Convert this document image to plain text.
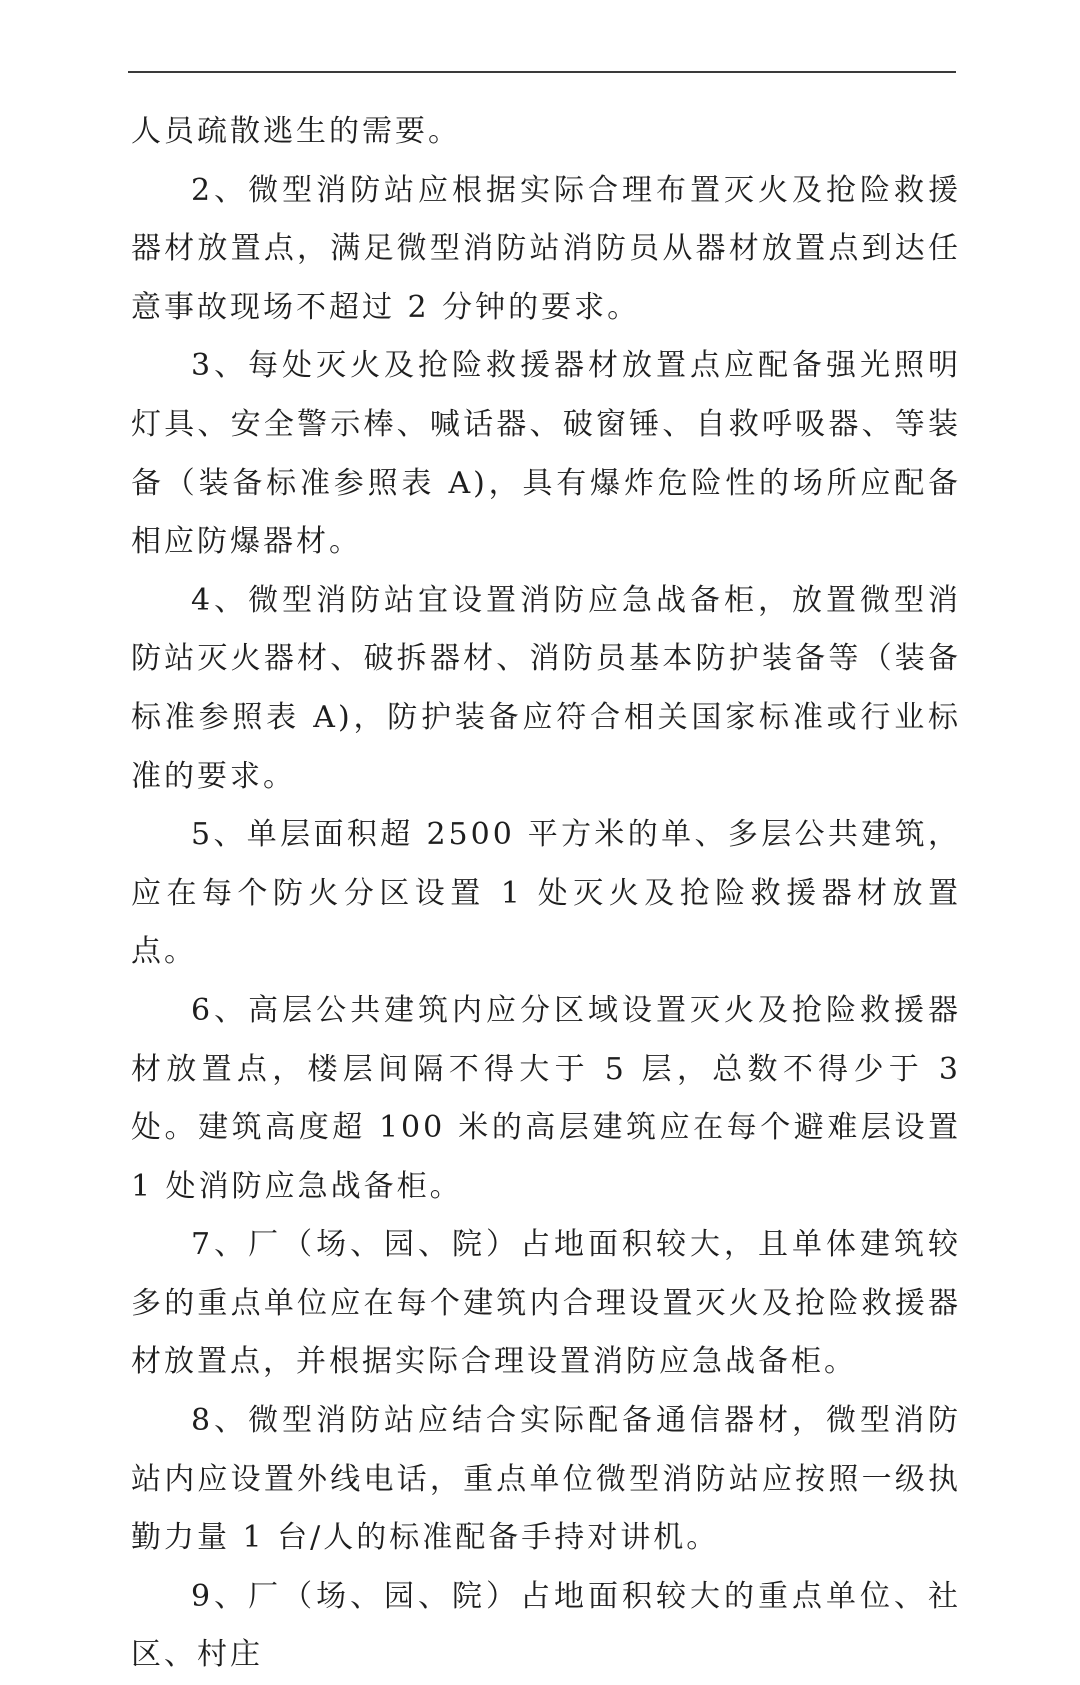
人员疏散逃生的需要。

2、微型消防站应根据实际合理布置灭火及抢险救援器材放置点，满足微型消防站消防员从器材放置点到达任意事故现场不超过 2 分钟的要求。

3、每处灭火及抢险救援器材放置点应配备强光照明灯具、安全警示棒、喊话器、破窗锤、自救呼吸器、等装备（装备标准参照表 A)，具有爆炸危险性的场所应配备相应防爆器材。

4、微型消防站宜设置消防应急战备柜，放置微型消防站灭火器材、破拆器材、消防员基本防护装备等（装备标准参照表 A)，防护装备应符合相关国家标准或行业标准的要求。

5、单层面积超 2500 平方米的单、多层公共建筑，应在每个防火分区设置 1 处灭火及抢险救援器材放置点。

6、高层公共建筑内应分区域设置灭火及抢险救援器材放置点，楼层间隔不得大于 5 层，总数不得少于 3 处。建筑高度超 100 米的高层建筑应在每个避难层设置 1 处消防应急战备柜。

7、厂（场、园、院）占地面积较大，且单体建筑较多的重点单位应在每个建筑内合理设置灭火及抢险救援器材放置点，并根据实际合理设置消防应急战备柜。

8、微型消防站应结合实际配备通信器材，微型消防站内应设置外线电话，重点单位微型消防站应按照一级执勤力量 1 台/人的标准配备手持对讲机。

9、厂（场、园、院）占地面积较大的重点单位、社区、村庄
